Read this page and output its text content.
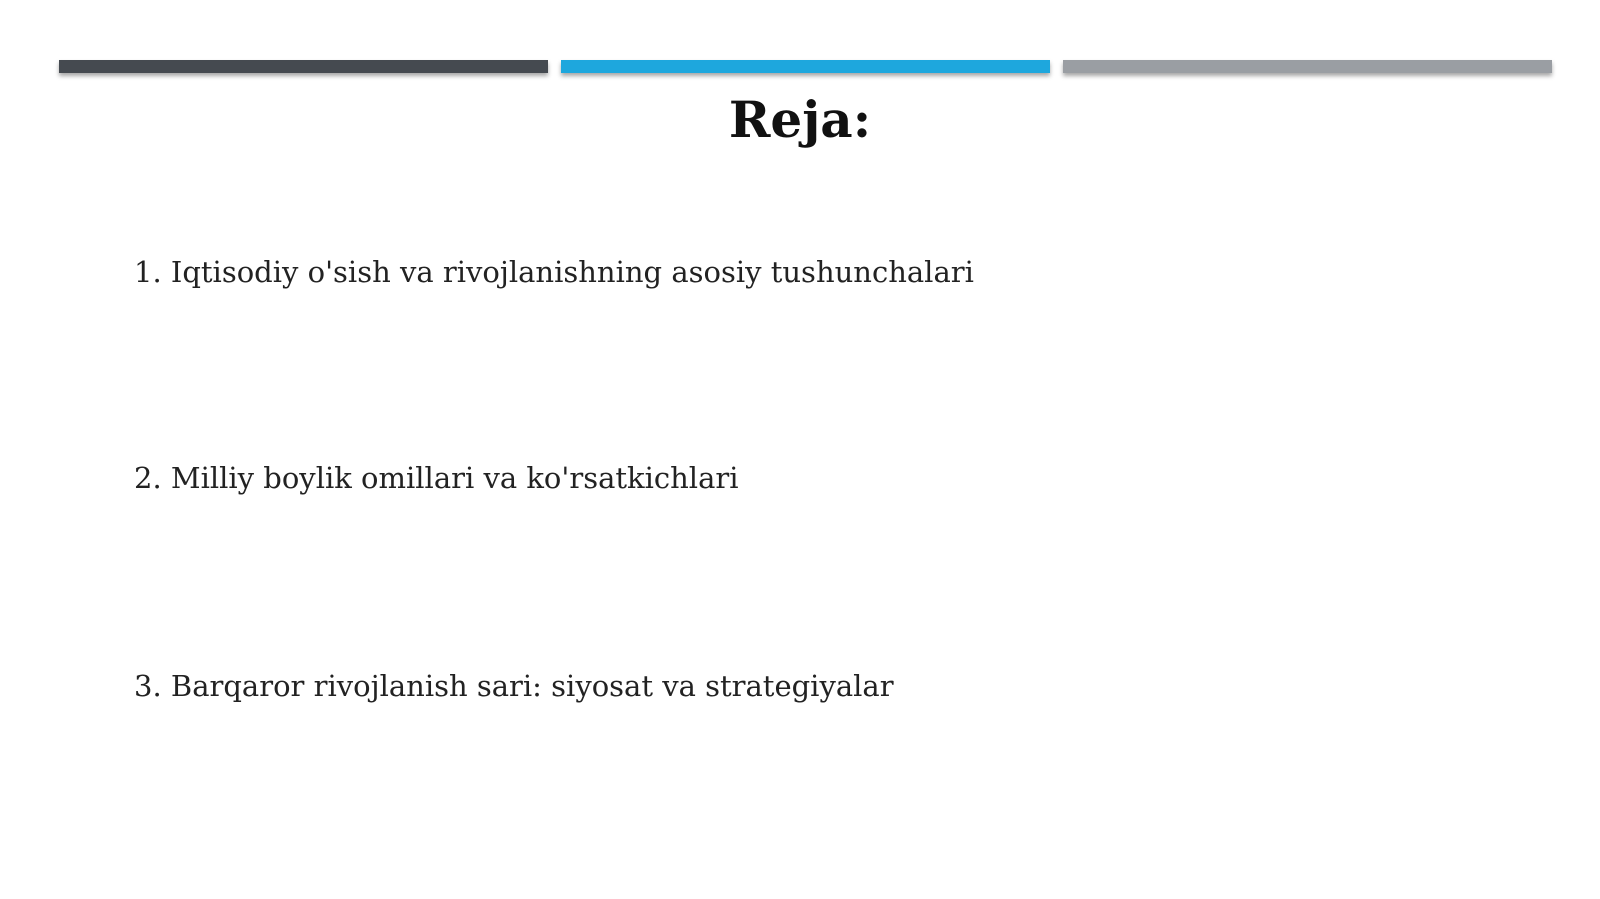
Reja:
1. Iqtisodiy o'sish va rivojlanishning asosiy tushunchalari
2. Milliy boylik omillari va ko'rsatkichlari
3. Barqaror rivojlanish sari: siyosat va strategiyalar
